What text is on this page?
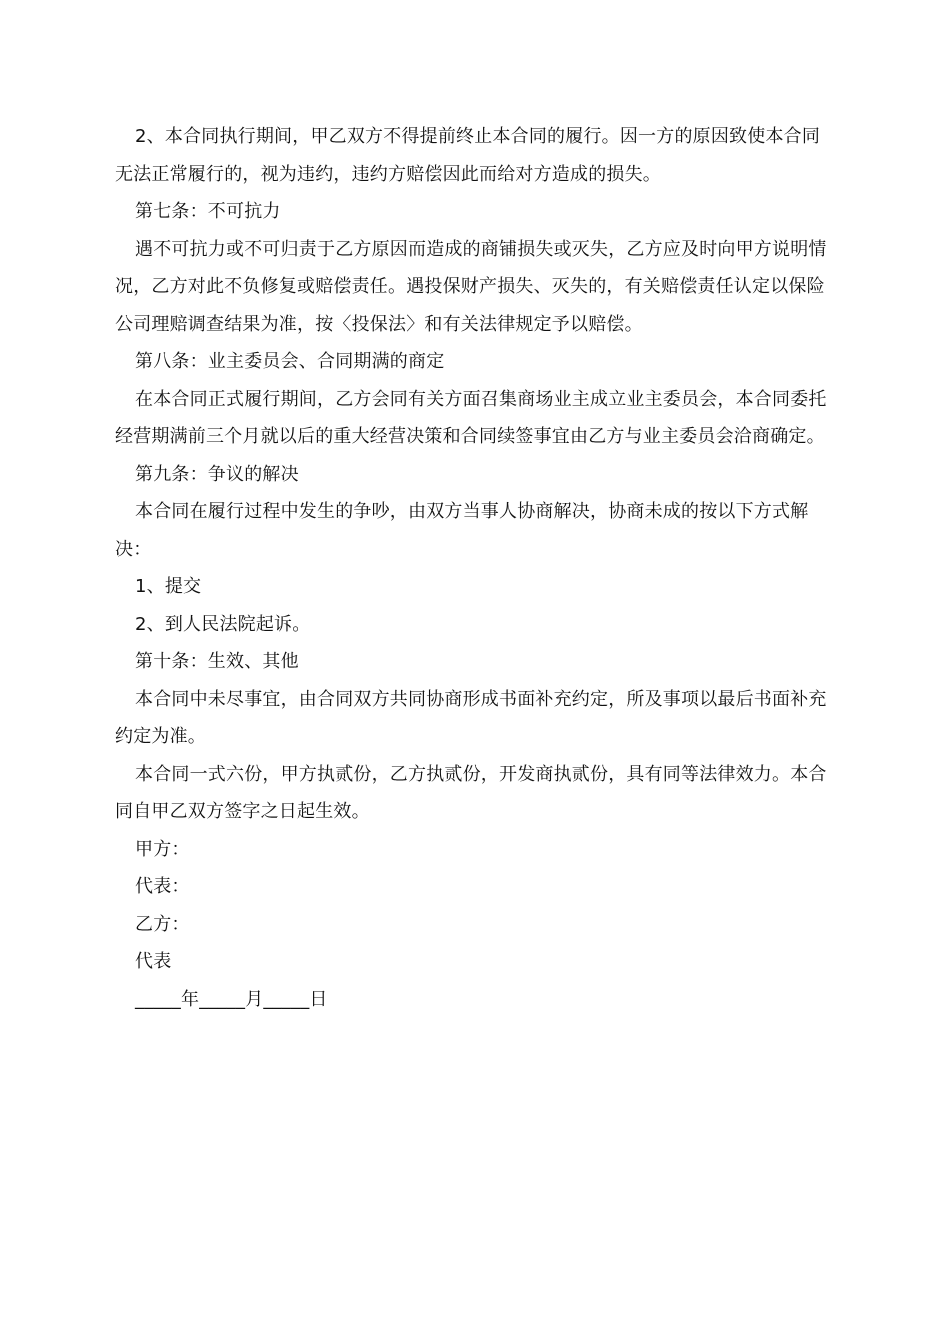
2、本合同执行期间，甲乙双方不得提前终止本合同的履行。因一方的原因致使本合同无法正常履行的，视为违约，违约方赔偿因此而给对方造成的损失。

第七条：不可抗力

遇不可抗力或不可归责于乙方原因而造成的商铺损失或灭失，乙方应及时向甲方说明情况，乙方对此不负修复或赔偿责任。遇投保财产损失、灭失的，有关赔偿责任认定以保险公司理赔调查结果为准，按〈投保法〉和有关法律规定予以赔偿。

第八条：业主委员会、合同期满的商定

在本合同正式履行期间，乙方会同有关方面召集商场业主成立业主委员会，本合同委托经营期满前三个月就以后的重大经营决策和合同续签事宜由乙方与业主委员会洽商确定。

第九条：争议的解决

本合同在履行过程中发生的争吵，由双方当事人协商解决，协商未成的按以下方式解决：

1、提交

2、到人民法院起诉。

第十条：生效、其他

本合同中未尽事宜，由合同双方共同协商形成书面补充约定，所及事项以最后书面补充约定为准。

本合同一式六份，甲方执贰份，乙方执贰份，开发商执贰份，具有同等法律效力。本合同自甲乙双方签字之日起生效。

甲方：

代表：

乙方：

代表

_____年_____月_____日
